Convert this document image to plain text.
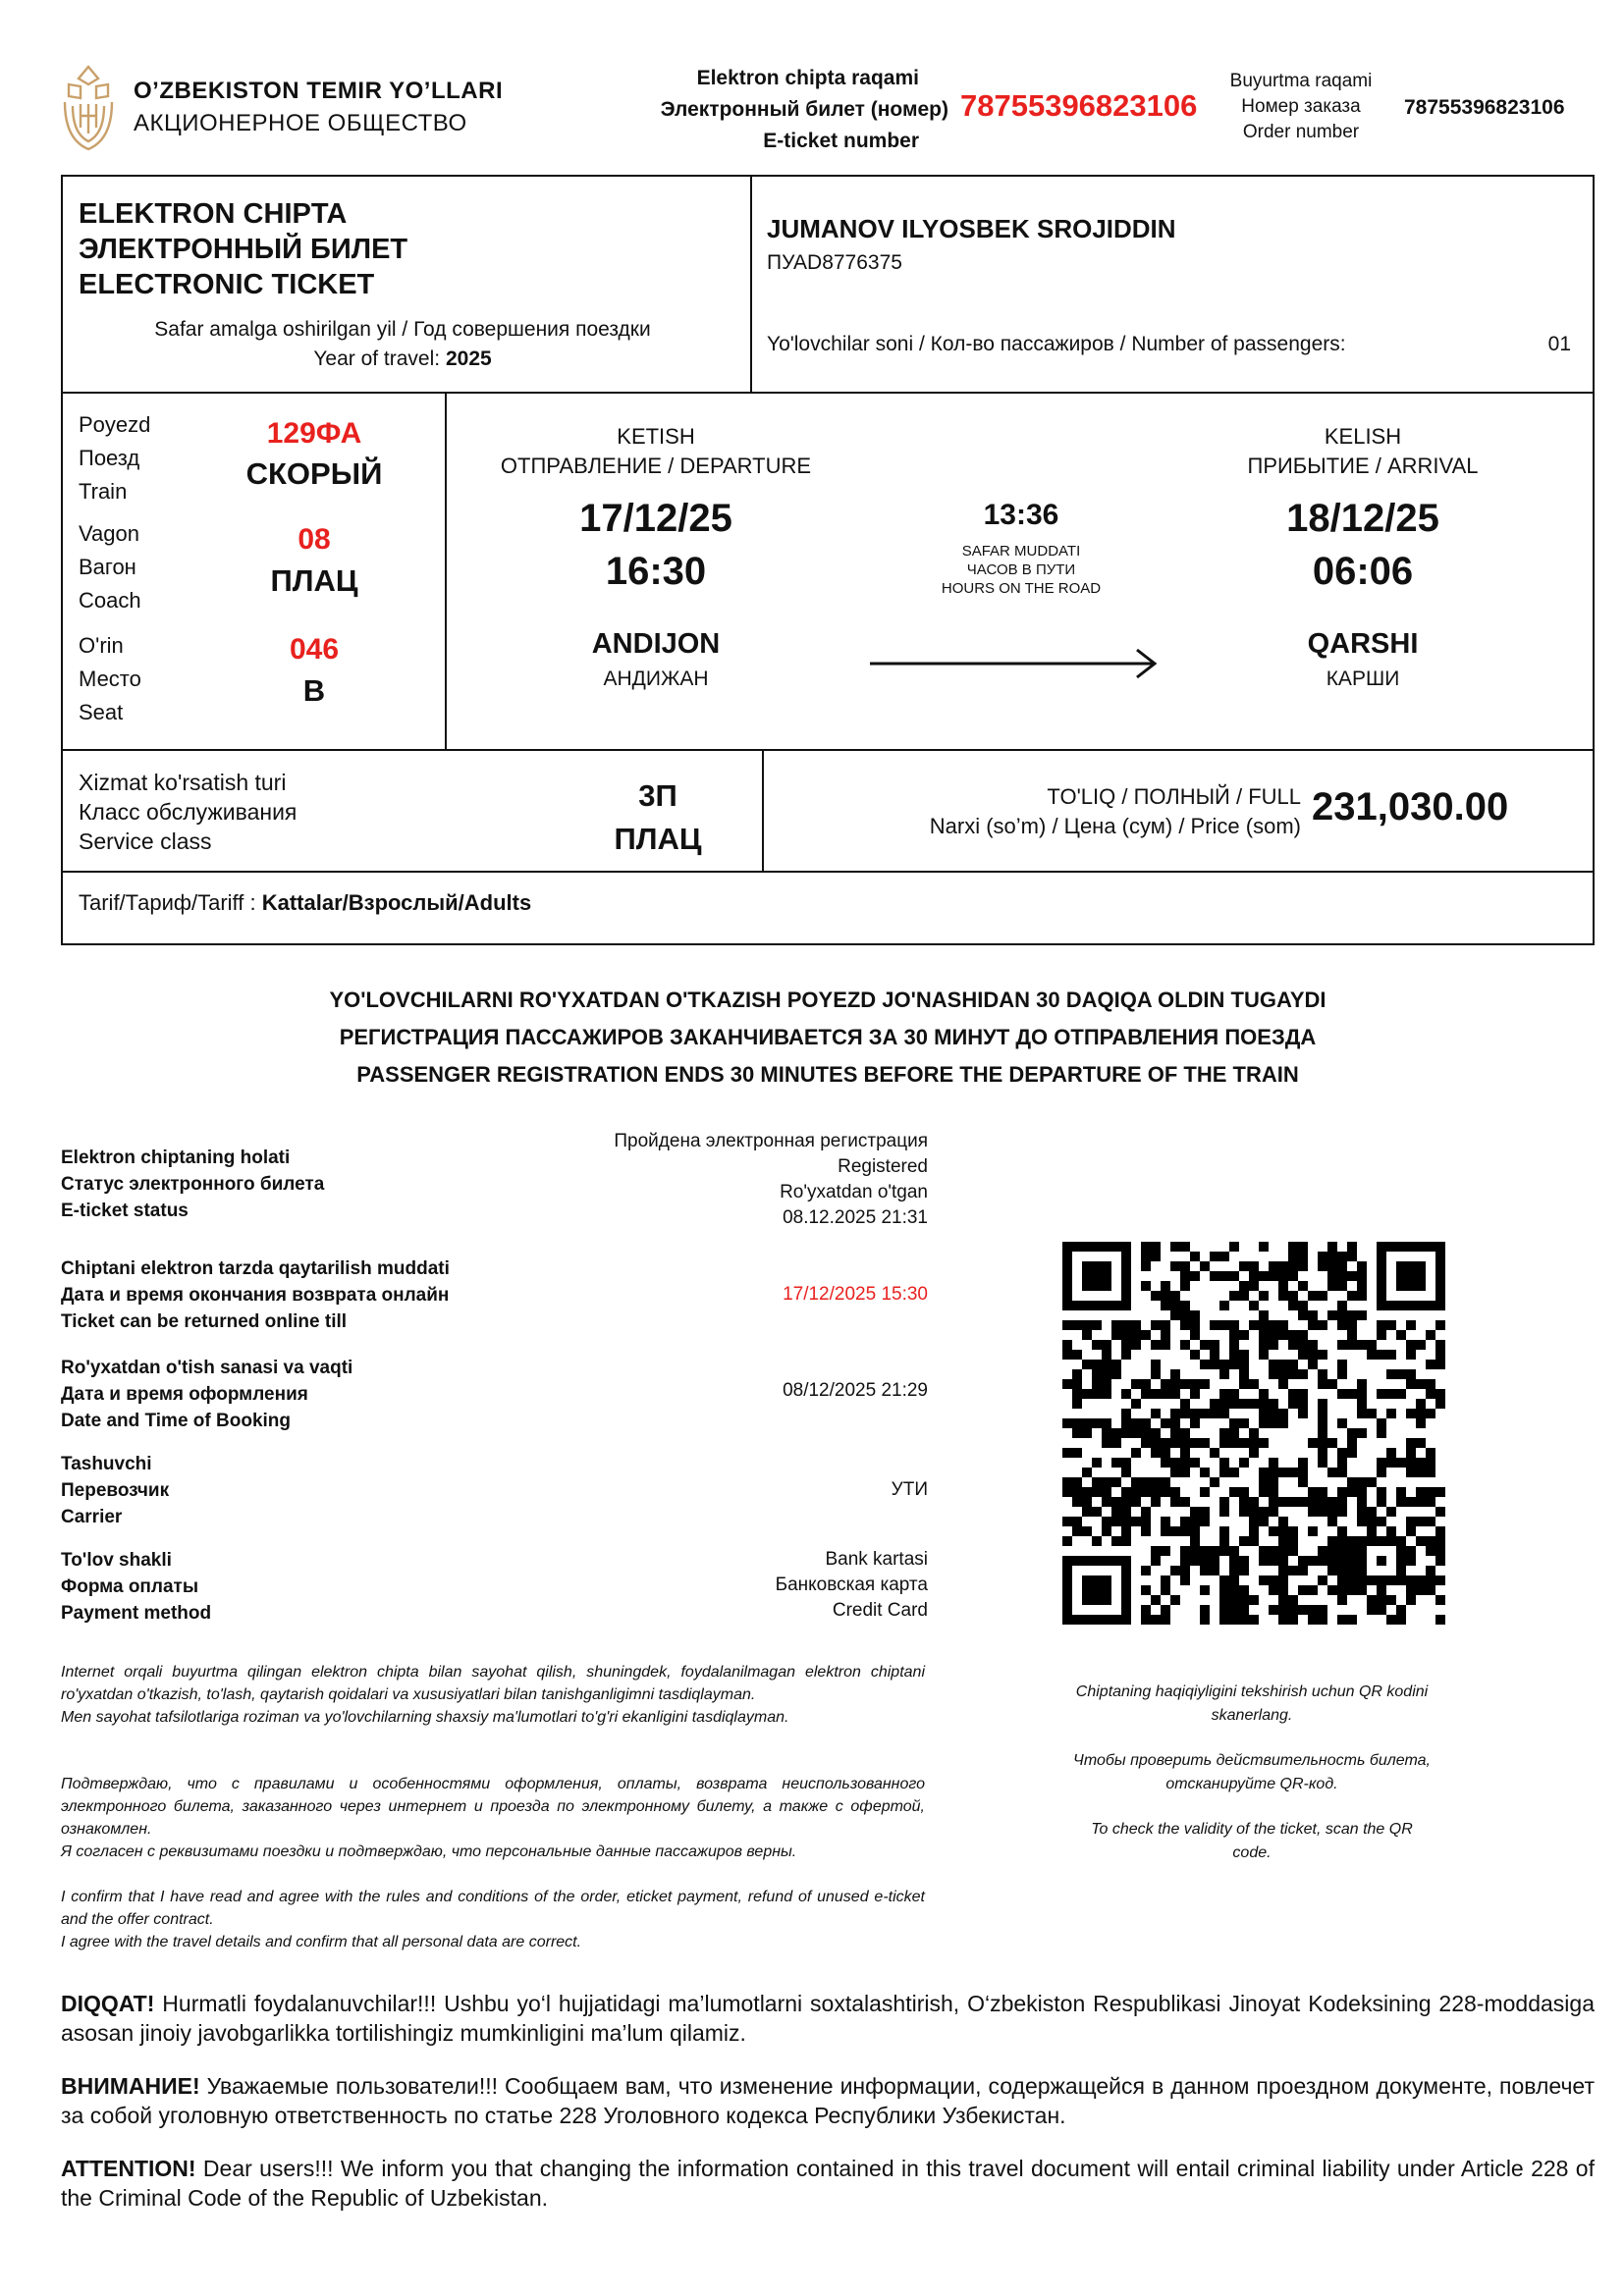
O’ZBEKISTON TEMIR YO’LLARI
АКЦИОНЕРНОЕ ОБЩЕСТВО
Elektron chipta raqami
Электронный билет (номер)
E-ticket number
78755396823106
Buyurtma raqami
Номер заказа
Order number
78755396823106
ELEKTRON CHIPTA
ЭЛЕКТРОННЫЙ БИЛЕТ
ELECTRONIC TICKET
Safar amalga oshirilgan yil / Год совершения поездки
Year of travel: 2025
JUMANOV ILYOSBEK SROJIDDIN
ПУАD8776375
Yo'lovchilar soni / Кол-во пассажиров / Number of passengers:	01
Poyezd
Поезд
Train
129ФА
СКОРЫЙ
Vagon
Вагон
Coach
08
ПЛАЦ
O'rin
Место
Seat
046
В
KETISH
ОТПРАВЛЕНИЕ / DEPARTURE
17/12/25
16:30
ANDIJON
АНДИЖАН
13:36
SAFAR MUDDATI
ЧАСОВ В ПУТИ
HOURS ON THE ROAD
KELISH
ПРИБЫТИЕ / ARRIVAL
18/12/25
06:06
QARSHI
КАРШИ
Xizmat ko'rsatish turi
Класс обслуживания
Service class
3П
ПЛАЦ
TO'LIQ / ПОЛНЫЙ / FULL
Narxi (so’m) / Цена (сум) / Price (som) 231,030.00
Tarif/Тариф/Tariff : Kattalar/Взрослый/Adults
YO'LOVCHILARNI RO'YXATDAN O'TKAZISH POYEZD JO'NASHIDAN 30 DAQIQA OLDIN TUGAYDI
РЕГИСТРАЦИЯ ПАССАЖИРОВ ЗАКАНЧИВАЕТСЯ ЗА 30 МИНУТ ДО ОТПРАВЛЕНИЯ ПОЕЗДА
PASSENGER REGISTRATION ENDS 30 MINUTES BEFORE THE DEPARTURE OF THE TRAIN
Elektron chiptaning holati
Статус электронного билета
E-ticket status
Пройдена электронная регистрация
Registered
Ro'yxatdan o'tgan
08.12.2025 21:31
Chiptani elektron tarzda qaytarilish muddati
Дата и время окончания возврата онлайн
Ticket can be returned online till
17/12/2025 15:30
Ro'yxatdan o'tish sanasi va vaqti
Дата и время оформления
Date and Time of Booking
08/12/2025 21:29
Tashuvchi
Перевозчик
Carrier
УТИ
To'lov shakli
Форма оплаты
Payment method
Bank kartasi
Банковская карта
Credit Card
Internet orqali buyurtma qilingan elektron chipta bilan sayohat qilish, shuningdek, foydalanilmagan elektron chiptani ro'yxatdan o'tkazish, to'lash, qaytarish qoidalari va xususiyatlari bilan tanishganligimni tasdiqlayman.
Men sayohat tafsilotlariga roziman va yo'lovchilarning shaxsiy ma'lumotlari to'g'ri ekanligini tasdiqlayman.
Подтверждаю, что с правилами и особенностями оформления, оплаты, возврата неиспользованного электронного билета, заказанного через интернет и проезда по электронному билету, а также с офертой, ознакомлен.
Я согласен с реквизитами поездки и подтверждаю, что персональные данные пассажиров верны.
I confirm that I have read and agree with the rules and conditions of the order, eticket payment, refund of unused e-ticket and the offer contract.
I agree with the travel details and confirm that all personal data are correct.
Chiptaning haqiqiyligini tekshirish uchun QR kodini skanerlang.
Чтобы проверить действительность билета, отсканируйте QR-код.
To check the validity of the ticket, scan the QR code.
DIQQAT! Hurmatli foydalanuvchilar!!! Ushbu yo‘l hujjatidagi ma’lumotlarni soxtalashtirish, O‘zbekiston Respublikasi Jinoyat Kodeksining 228-moddasiga asosan jinoiy javobgarlikka tortilishingiz mumkinligini ma’lum qilamiz.
ВНИМАНИЕ! Уважаемые пользователи!!! Сообщаем вам, что изменение информации, содержащейся в данном проездном документе, повлечет за собой уголовную ответственность по статье 228 Уголовного кодекса Республики Узбекистан.
ATTENTION! Dear users!!! We inform you that changing the information contained in this travel document will entail criminal liability under Article 228 of the Criminal Code of the Republic of Uzbekistan.
